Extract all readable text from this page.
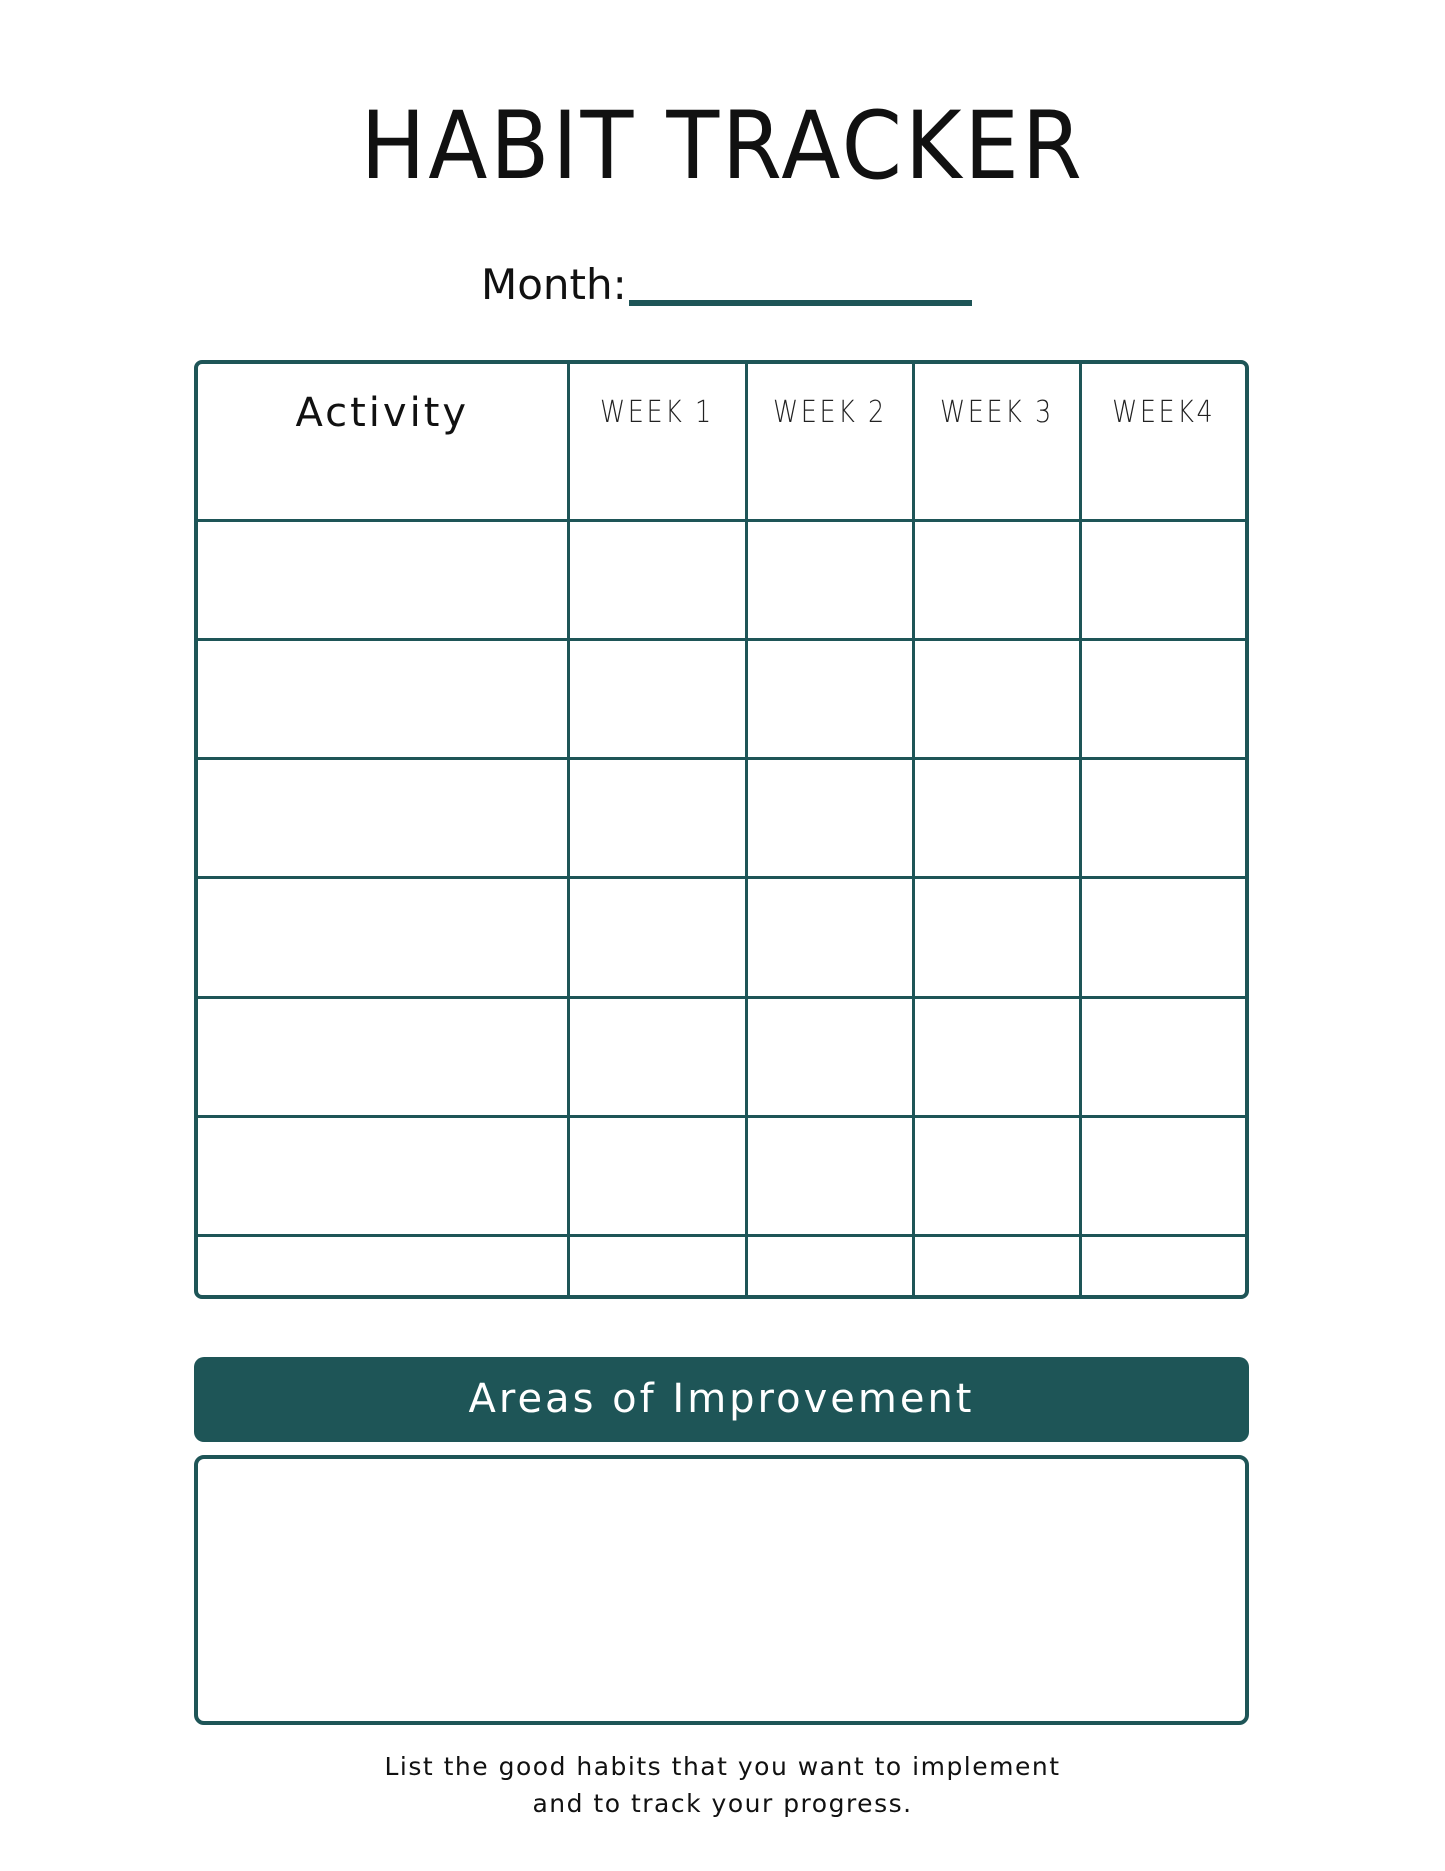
HABIT TRACKER
Month:
Activity	WEEK 1	WEEK 2	WEEK 3	WEEK4

Areas of Improvement
List the good habits that you want to implement
and to track your progress.
